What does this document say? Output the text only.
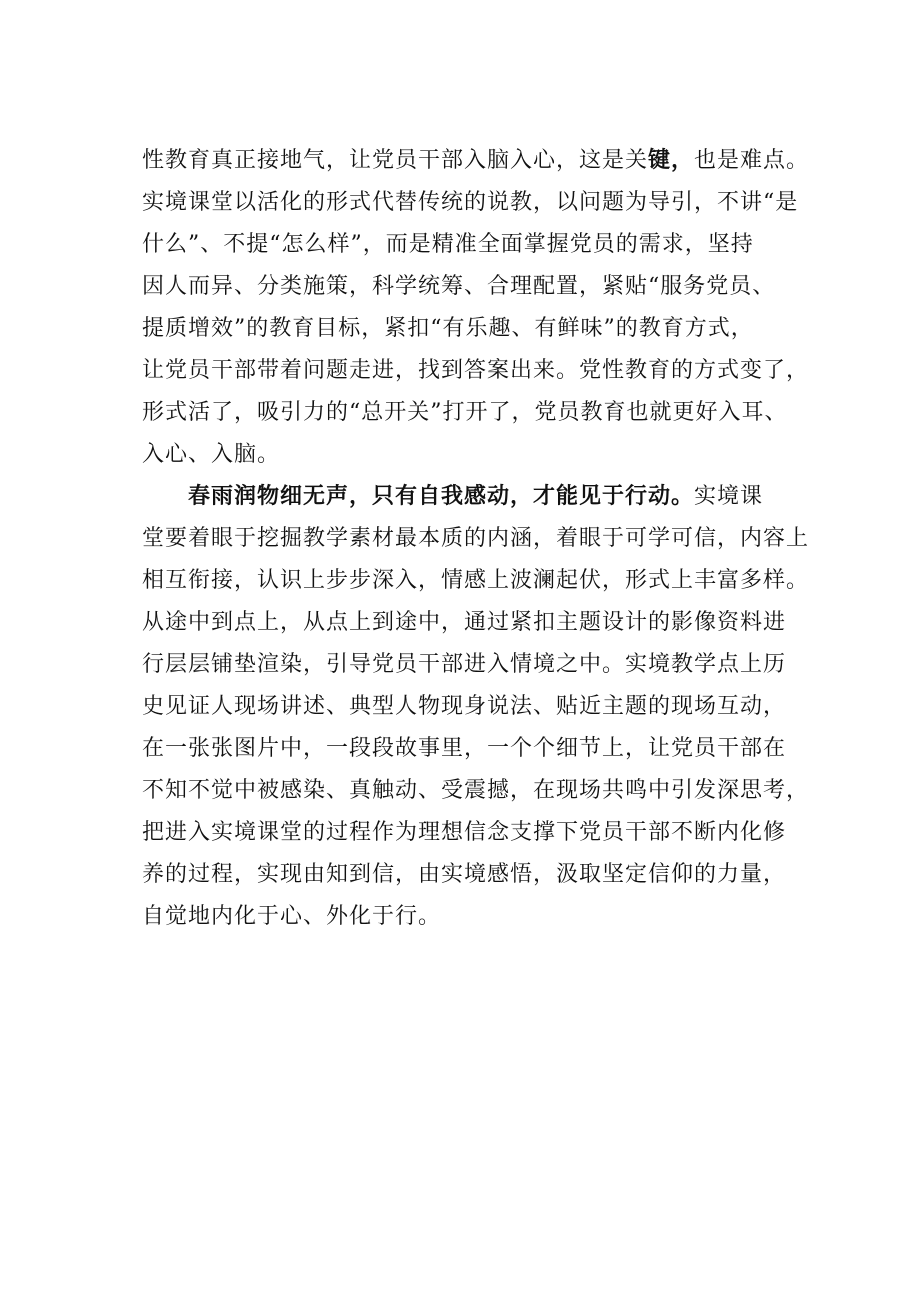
性教育真正接地气，让党员干部入脑入心，这是关键，也是难点。
实境课堂以活化的形式代替传统的说教，以问题为导引，不讲“是
什么”、不提“怎么样”，而是精准全面掌握党员的需求，坚持
因人而异、分类施策，科学统筹、合理配置，紧贴“服务党员、
提质增效”的教育目标，紧扣“有乐趣、有鲜味”的教育方式，
让党员干部带着问题走进，找到答案出来。党性教育的方式变了，
形式活了，吸引力的“总开关”打开了，党员教育也就更好入耳、
入心、入脑。
春雨润物细无声，只有自我感动，才能见于行动。实境课
堂要着眼于挖掘教学素材最本质的内涵，着眼于可学可信，内容上
相互衔接，认识上步步深入，情感上波澜起伏，形式上丰富多样。
从途中到点上，从点上到途中，通过紧扣主题设计的影像资料进
行层层铺垫渲染，引导党员干部进入情境之中。实境教学点上历
史见证人现场讲述、典型人物现身说法、贴近主题的现场互动，
在一张张图片中，一段段故事里，一个个细节上，让党员干部在
不知不觉中被感染、真触动、受震撼，在现场共鸣中引发深思考，
把进入实境课堂的过程作为理想信念支撑下党员干部不断内化修
养的过程，实现由知到信，由实境感悟，汲取坚定信仰的力量，
自觉地内化于心、外化于行。
